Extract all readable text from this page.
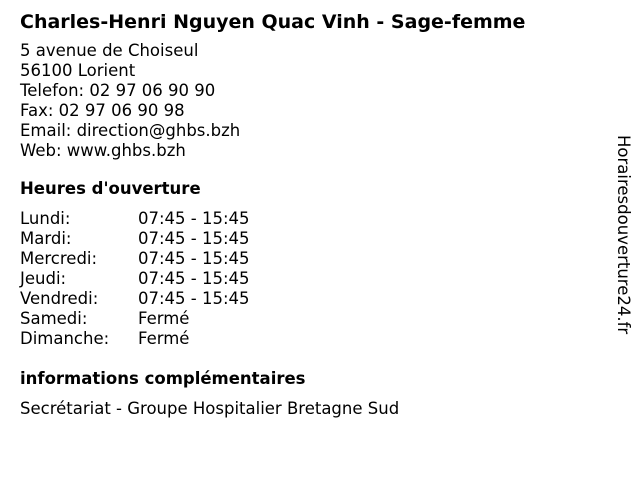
Charles-Henri Nguyen Quac Vinh - Sage-femme
5 avenue de Choiseul
56100 Lorient
Telefon: 02 97 06 90 90
Fax: 02 97 06 90 98
Email: direction@ghbs.bzh
Web: www.ghbs.bzh
Heures d'ouverture
Lundi:	07:45 - 15:45
Mardi:	07:45 - 15:45
Mercredi:	07:45 - 15:45
Jeudi:	07:45 - 15:45
Vendredi:	07:45 - 15:45
Samedi:	Fermé
Dimanche:	Fermé
informations complémentaires
Secrétariat - Groupe Hospitalier Bretagne Sud
Horairesdouverture24.fr
